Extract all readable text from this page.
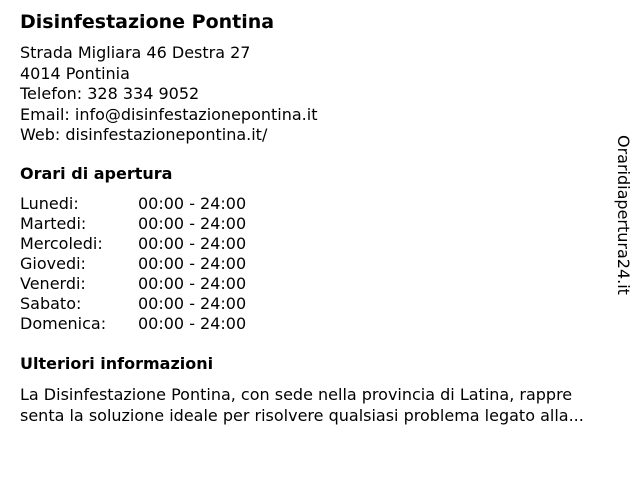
Disinfestazione Pontina
Strada Migliara 46 Destra 27
4014 Pontinia
Telefon: 328 334 9052
Email: info@disinfestazionepontina.it
Web: disinfestazionepontina.it/
Orari di apertura
Lunedi:	00:00 - 24:00
Martedi:	00:00 - 24:00
Mercoledi:	00:00 - 24:00
Giovedi:	00:00 - 24:00
Venerdi:	00:00 - 24:00
Sabato:	00:00 - 24:00
Domenica:	00:00 - 24:00
Ulteriori informazioni
La Disinfestazione Pontina, con sede nella provincia di Latina, rappre
senta la soluzione ideale per risolvere qualsiasi problema legato alla...
Oraridiapertura24.it
